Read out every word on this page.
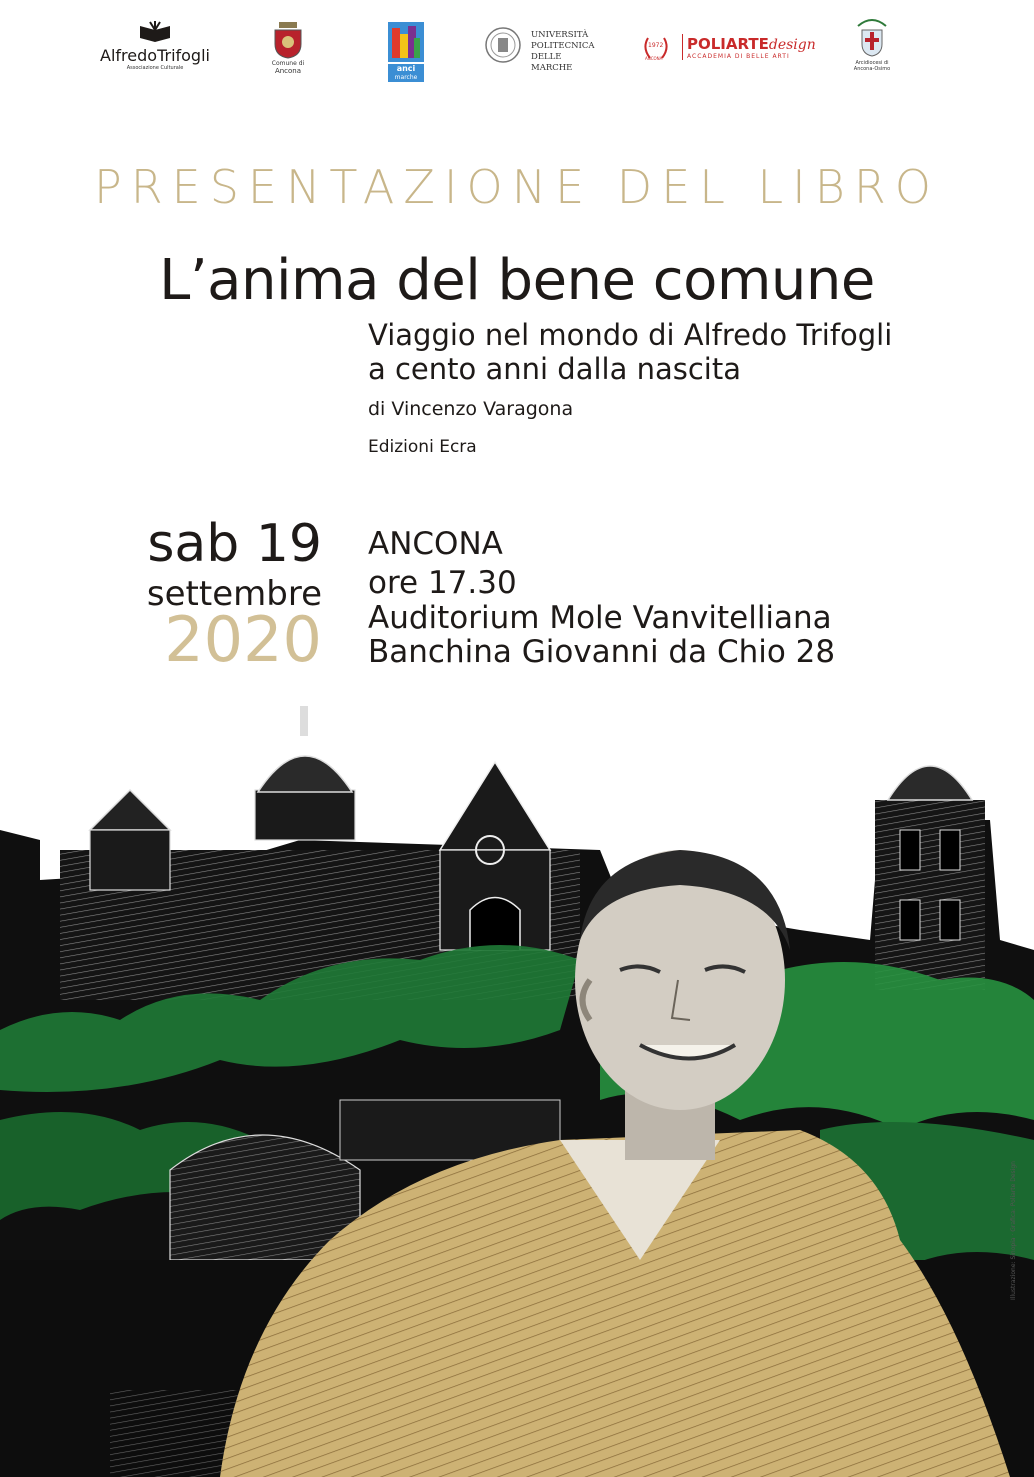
AlfredoTrifogli
Associazione Culturale
Comune di
Ancona	anci
marche
UNIVERSITÀ
POLITECNICA
DELLE MARCHE
1972
ANCONA
POLIARTEdesign
ACCADEMIA DI BELLE ARTI
Arcidiocesi di
Ancona-Osimo
PRESENTAZIONE DEL LIBRO
L’anima del bene comune
Viaggio nel mondo di Alfredo Trifogli
a cento anni dalla nascita
di Vincenzo Varagona
Edizioni Ecra
sab 19
settembre
2020
ANCONA
ore 17.30
Auditorium Mole Vanvitelliana
Banchina Giovanni da Chio 28
Illustrazione: Sinopia · Grafica: Poliarte Design
